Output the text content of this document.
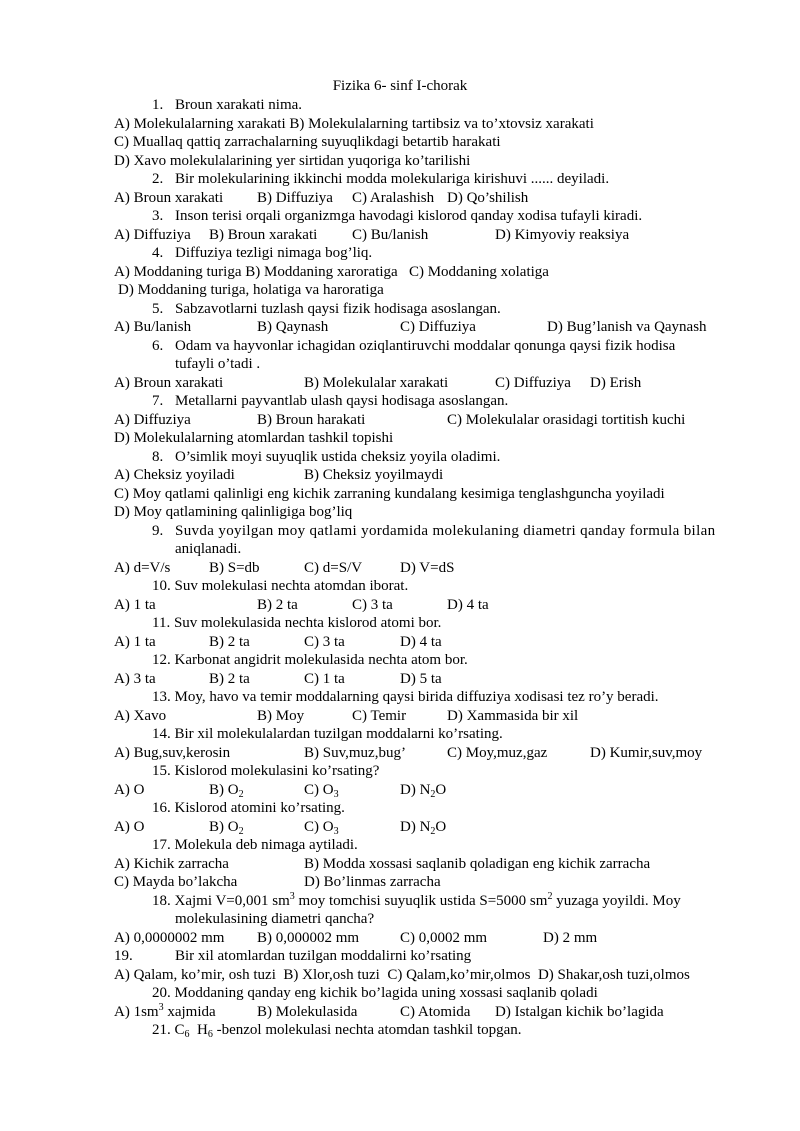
Fizika 6- sinf I-chorak
1. Broun xarakati nima.
A) Molekulalarning xarakati B) Molekulalarning tartibsiz va to’xtovsiz xarakati
C) Muallaq qattiq zarrachalarning suyuqlikdagi betartib harakati
D) Xavo molekulalarining yer sirtidan yuqoriga ko’tarilishi
2. Bir molekularining ikkinchi modda molekulariga kirishuvi ...... deyiladi.
A) Broun xarakati B) Diffuziya C) Aralashish D) Qo’shilish
3. Inson terisi orqali organizmga havodagi kislorod qanday xodisa tufayli kiradi.
A) Diffuziya B) Broun xarakati C) Bu/lanish	D) Kimyoviy reaksiya
4. Diffuziya tezligi nimaga bog’liq.
A) Moddaning turiga B) Moddaning xaroratiga C) Moddaning xolatiga
D) Moddaning turiga, holatiga va haroratiga
5. Sabzavotlarni tuzlash qaysi fizik hodisaga asoslangan.
A) Bu/lanish	B) Qaynash	C) Diffuziya	D) Bug’lanish va Qaynash
6. Odam va hayvonlar ichagidan oziqlantiruvchi moddalar qonunga qaysi fizik hodisa
tufayli o’tadi .
A) Broun xarakati	B) Molekulalar xarakati	C) Diffuziya D) Erish
7. Metallarni payvantlab ulash qaysi hodisaga asoslangan.
A) Diffuziya	B) Broun harakati	C) Molekulalar orasidagi tortitish kuchi
D) Molekulalarning atomlardan tashkil topishi
8. O’simlik moyi suyuqlik ustida cheksiz yoyila oladimi.
A) Cheksiz yoyiladi	B) Cheksiz yoyilmaydi
C) Moy qatlami qalinligi eng kichik zarraning kundalang kesimiga tenglashguncha yoyiladi
D) Moy qatlamining qalinligiga bog’liq
9. Suvda yoyilgan moy qatlami yordamida molekulaning diametri qanday formula bilan
aniqlanadi.
A) d=V/s	B) S=db	C) d=S/V	D) V=dS
10. Suv molekulasi nechta atomdan iborat.
A) 1 ta	B) 2 ta	C) 3 ta	D) 4 ta
11. Suv molekulasida nechta kislorod atomi bor.
A) 1 ta	B) 2 ta	C) 3 ta	D) 4 ta
12. Karbonat angidrit molekulasida nechta atom bor.
A) 3 ta	B) 2 ta	C) 1 ta	D) 5 ta
13. Moy, havo va temir moddalarning qaysi birida diffuziya xodisasi tez ro’y beradi.
A) Xavo	B) Moy	C) Temir	D) Xammasida bir xil
14. Bir xil molekulalardan tuzilgan moddalarni ko’rsating.
A) Bug,suv,kerosin	B) Suv,muz,bug’	C) Moy,muz,gaz	D) Kumir,suv,moy
15. Kislorod molekulasini ko’rsating?
A) O	B) $O_2$	C) $O_3$	D) $N_2O$
16. Kislorod atomini ko’rsating.
A) O	B) $O_2$	C) $O_3$	D) $N_2O$
17. Molekula deb nimaga aytiladi.
A) Kichik zarracha	B) Modda xossasi saqlanib qoladigan eng kichik zarracha
C) Mayda bo’lakcha	D) Bo’linmas zarracha
18. Xajmi V=0,001 $sm^3$ moy tomchisi suyuqlik ustida S=5000 $sm^2$ yuzaga yoyildi. Moy
molekulasining diametri qancha?
A) 0,0000002 mm B) 0,000002 mm	C) 0,0002 mm	D) 2 mm
19.	Bir xil atomlardan tuzilgan moddalirni ko’rsating
A) Qalam, ko’mir, osh tuzi  B) Xlor,osh tuzi  C) Qalam,ko’mir,olmos  D) Shakar,osh tuzi,olmos
20. Moddaning qanday eng kichik bo’lagida uning xossasi saqlanib qoladi
A) $1sm^3$ xajmida	B) Molekulasida	C) Atomida D) Istalgan kichik bo’lagida
21. $C_6$  $H_6$ -benzol molekulasi nechta atomdan tashkil topgan.
